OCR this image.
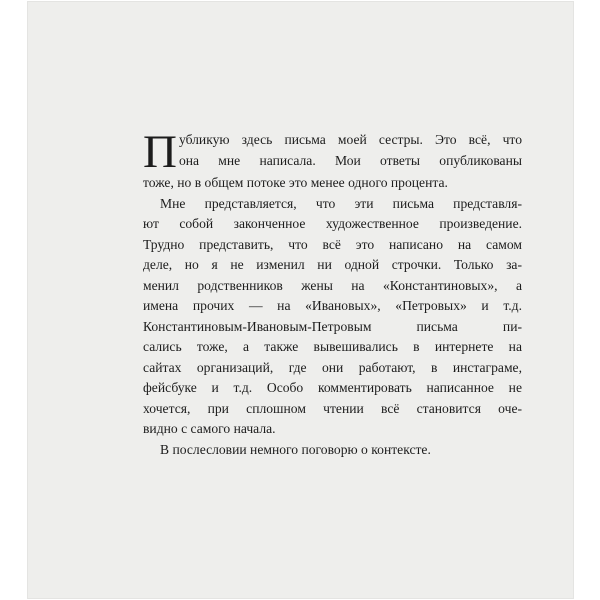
П убликую здесь письма моей сестры. Это всё, что
она мне написала. Мои ответы опубликованы
тоже, но в общем потоке это менее одного процента.
Мне представляется, что эти письма представля-
ют собой законченное художественное произведение.
Трудно представить, что всё это написано на самом
деле, но я не изменил ни одной строчки. Только за-
менил родственников жены на «Константиновых», а
имена прочих — на «Ивановых», «Петровых» и т.д.
Константиновым-Ивановым-Петровым письма пи-
сались тоже, а также вывешивались в интернете на
сайтах организаций, где они работают, в инстаграме,
фейсбуке и т.д. Особо комментировать написанное не
хочется, при сплошном чтении всё становится оче-
видно с самого начала.
В послесловии немного поговорю о контексте.
